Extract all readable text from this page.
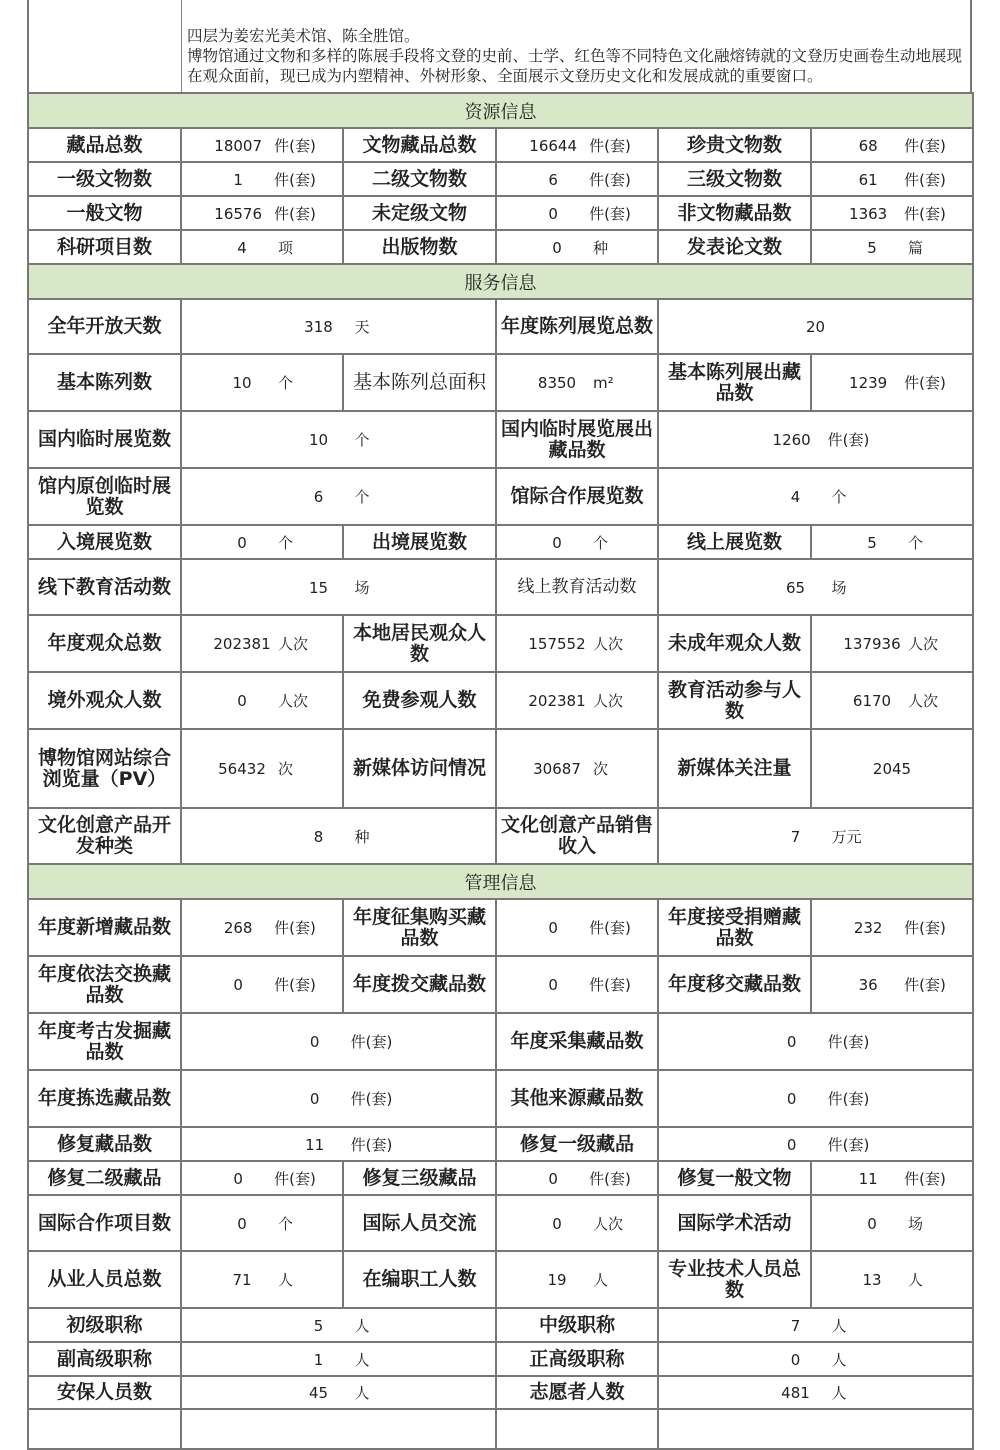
四层为姜宏光美术馆、陈全胜馆。

博物馆通过文物和多样的陈展手段将文登的史前、士学、红色等不同特色文化融熔铸就的文登历史画卷生动地展现在观众面前，现已成为内塑精神、外树形象、全面展示文登历史文化和发展成就的重要窗口。

资源信息					
藏品总数	18007 件(套)	文物藏品总数	16644 件(套)	珍贵文物数	68 件(套)
一级文物数	1 件(套)	二级文物数	6 件(套)	三级文物数	61 件(套)
一般文物	16576 件(套)	未定级文物	0 件(套)	非文物藏品数	1363 件(套)
科研项目数	4 项	出版物数	0 种	发表论文数	5 篇
服务信息					
全年开放天数	318 天		年度陈列展览总数	20	
基本陈列数	10 个	基本陈列总面积	8350 m²	基本陈列展出藏品数	1239 件(套)
国内临时展览数	10 个		国内临时展览展出藏品数	1260 件(套)	
馆内原创临时展览数	6 个		馆际合作展览数	4 个	
入境展览数	0 个	出境展览数	0 个	线上展览数	5 个
线下教育活动数	15 场		线上教育活动数	65 场	
年度观众总数	202381 人次	本地居民观众人数	157552 人次	未成年观众人数	137936 人次
境外观众人数	0 人次	免费参观人数	202381 人次	教育活动参与人数	6170 人次
博物馆网站综合浏览量（PV）	56432 次	新媒体访问情况	30687 次	新媒体关注量	2045
文化创意产品开发种类	8 种		文化创意产品销售收入	7 万元	
管理信息					
年度新增藏品数	268 件(套)	年度征集购买藏品数	0 件(套)	年度接受捐赠藏品数	232 件(套)
年度依法交换藏品数	0 件(套)	年度拨交藏品数	0 件(套)	年度移交藏品数	36 件(套)
年度考古发掘藏品数	0 件(套)		年度采集藏品数	0 件(套)	
年度拣选藏品数	0 件(套)		其他来源藏品数	0 件(套)	
修复藏品数	11 件(套)		修复一级藏品	0 件(套)	
修复二级藏品	0 件(套)	修复三级藏品	0 件(套)	修复一般文物	11 件(套)
国际合作项目数	0 个	国际人员交流	0 人次	国际学术活动	0 场
从业人员总数	71 人	在编职工人数	19 人	专业技术人员总数	13 人
初级职称	5 人		中级职称	7 人	
副高级职称	1 人		正高级职称	0 人	
安保人员数	45 人		志愿者人数	481 人	
